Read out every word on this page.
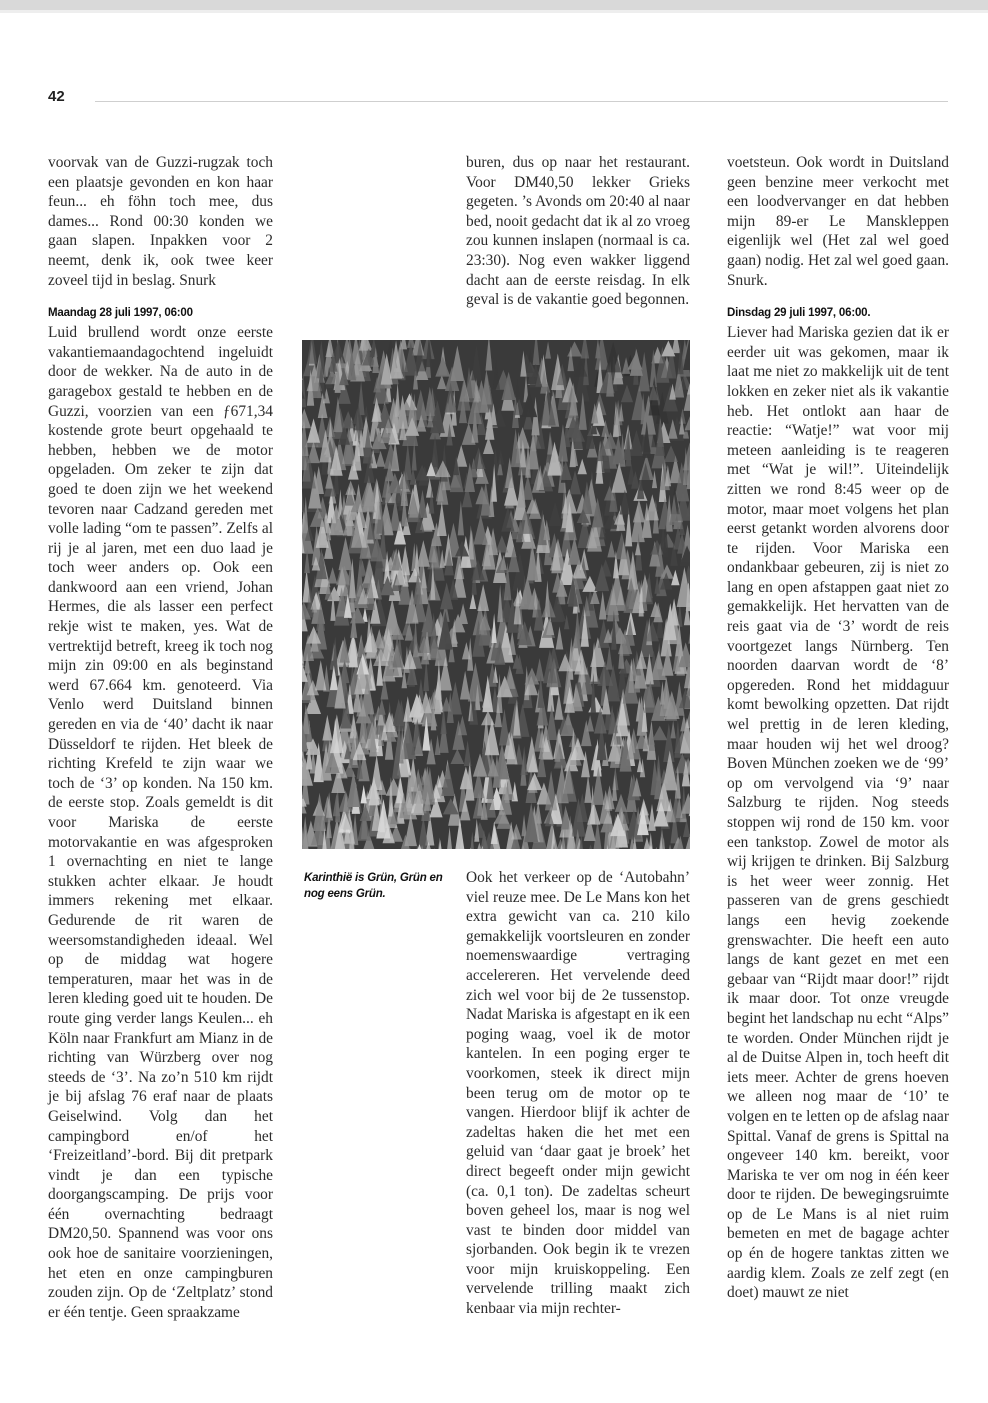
42

voorvak van de Guzzi-rugzak toch een plaatsje gevonden en kon haar feun... eh föhn toch mee, dus dames... Rond 00:30 konden we gaan slapen. Inpakken voor 2 neemt, denk ik, ook twee keer zoveel tijd in beslag. Snurk

Maandag 28 juli 1997, 06:00

Luid brullend wordt onze eerste vakantiemaandagochtend ingeluidt door de wekker. Na de auto in de garagebox gestald te hebben en de Guzzi, voorzien van een ƒ671,34 kostende grote beurt opgehaald te hebben, hebben we de motor opgeladen. Om zeker te zijn dat goed te doen zijn we het weekend tevoren naar Cadzand gereden met volle lading “om te passen”. Zelfs al rij je al jaren, met een duo laad je toch weer anders op. Ook een dankwoord aan een vriend, Johan Hermes, die als lasser een perfect rekje wist te maken, yes. Wat de vertrektijd betreft, kreeg ik toch nog mijn zin 09:00 en als beginstand werd 67.664 km. genoteerd. Via Venlo werd Duitsland binnen gereden en via de ‘40’ dacht ik naar Düsseldorf te rijden. Het bleek de richting Krefeld te zijn waar we toch de ‘3’ op konden. Na 150 km. de eerste stop. Zoals gemeldt is dit voor Mariska de eerste motorvakantie en was afgesproken 1 overnachting en niet te lange stukken achter elkaar. Je houdt immers rekening met elkaar. Gedurende de rit waren de weersomstandigheden ideaal. Wel op de middag wat hogere temperaturen, maar het was in de leren kleding goed uit te houden. De route ging verder langs Keulen... eh Köln naar Frankfurt am Mianz in de richting van Würzberg over nog steeds de ‘3’. Na zo’n 510 km rijdt je bij afslag 76 eraf naar de plaats Geiselwind. Volg dan het campingbord en/of het ‘Freizeitland’-bord. Bij dit pretpark vindt je dan een typische doorgangscamping. De prijs voor één overnachting bedraagt DM20,50. Spannend was voor ons ook hoe de sanitaire voorzieningen, het eten en onze campingburen zouden zijn. Op de ‘Zeltplatz’ stond er één tentje. Geen spraakzame

buren, dus op naar het restaurant. Voor DM40,50 lekker Grieks gegeten. ’s Avonds om 20:40 al naar bed, nooit gedacht dat ik al zo vroeg zou kunnen inslapen (normaal is ca. 23:30). Nog even wakker liggend dacht aan de eerste reisdag. In elk geval is de vakantie goed begonnen.

Karinthië is Grün, Grün en nog eens Grün.

Ook het verkeer op de ‘Autobahn’ viel reuze mee. De Le Mans kon het extra gewicht van ca. 210 kilo gemakkelijk voortsleuren en zonder noemenswaardige vertraging accelereren. Het vervelende deed zich wel voor bij de 2e tussenstop. Nadat Mariska is afgestapt en ik een poging waag, voel ik de motor kantelen. In een poging erger te voorkomen, steek ik direct mijn been terug om de motor op te vangen. Hierdoor blijf ik achter de zadeltas haken die het met een geluid van ‘daar gaat je broek’ het direct begeeft onder mijn gewicht (ca. 0,1 ton). De zadeltas scheurt boven geheel los, maar is nog wel vast te binden door middel van sjorbanden. Ook begin ik te vrezen voor mijn kruiskoppeling. Een vervelende trilling maakt zich kenbaar via mijn rechter-

voetsteun. Ook wordt in Duitsland geen benzine meer verkocht met een loodvervanger en dat hebben mijn 89-er Le Manskleppen eigenlijk wel (Het zal wel goed gaan) nodig. Het zal wel goed gaan. Snurk.

Dinsdag 29 juli 1997, 06:00.

Liever had Mariska gezien dat ik er eerder uit was gekomen, maar ik laat me niet zo makkelijk uit de tent lokken en zeker niet als ik vakantie heb. Het ontlokt aan haar de reactie: “Watje!” wat voor mij meteen aanleiding is te reageren met “Wat je wil!”. Uiteindelijk zitten we rond 8:45 weer op de motor, maar moet volgens het plan eerst getankt worden alvorens door te rijden. Voor Mariska een ondankbaar gebeuren, zij is niet zo lang en open afstappen gaat niet zo gemakkelijk. Het hervatten van de reis gaat via de ‘3’ wordt de reis voortgezet langs Nürnberg. Ten noorden daarvan wordt de ‘8’ opgereden. Rond het middaguur komt bewolking opzetten. Dat rijdt wel prettig in de leren kleding, maar houden wij het wel droog? Boven München zoeken we de ‘99’ op om vervolgend via ‘9’ naar Salzburg te rijden. Nog steeds stoppen wij rond de 150 km. voor een tankstop. Zowel de motor als wij krijgen te drinken. Bij Salzburg is het weer weer zonnig. Het passeren van de grens geschiedt langs een hevig zoekende grenswachter. Die heeft een auto langs de kant gezet en met een gebaar van “Rijdt maar door!” rijdt ik maar door. Tot onze vreugde begint het landschap nu echt “Alps” te worden. Onder München rijdt je al de Duitse Alpen in, toch heeft dit iets meer. Achter de grens hoeven we alleen nog maar de ‘10’ te volgen en te letten op de afslag naar Spittal. Vanaf de grens is Spittal na ongeveer 140 km. bereikt, voor Mariska te ver om nog in één keer door te rijden. De bewegingsruimte op de Le Mans is al niet ruim bemeten en met de bagage achter op én de hogere tanktas zitten we aardig klem. Zoals ze zelf zegt (en doet) mauwt ze niet
